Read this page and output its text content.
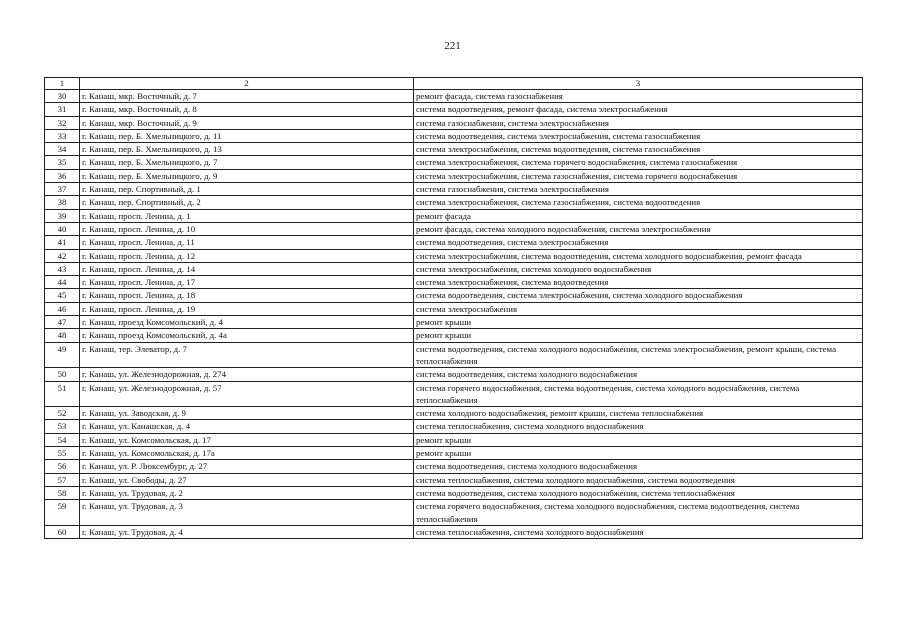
221
1	2	3
30	г. Канаш, мкр. Восточный, д. 7	ремонт фасада, система газоснабжения
31	г. Канаш, мкр. Восточный, д. 8	система водоотведения, ремонт фасада, система электроснабжения
32	г. Канаш, мкр. Восточный, д. 9	система газоснабжения, система электроснабжения
33	г. Канаш, пер. Б. Хмельницкого, д. 11	система водоотведения, система электроснабжения, система газоснабжения
34	г. Канаш, пер. Б. Хмельницкого, д. 13	система электроснабжения, система водоотведения, система газоснабжения
35	г. Канаш, пер. Б. Хмельницкого, д. 7	система электроснабжения, система горячего водоснабжения, система газоснабжения
36	г. Канаш, пер. Б. Хмельницкого, д. 9	система электроснабжения, система газоснабжения, система горячего водоснабжения
37	г. Канаш, пер. Спортивный, д. 1	система газоснабжения, система электроснабжения
38	г. Канаш, пер. Спортивный, д. 2	система электроснабжения, система газоснабжения, система водоотведения
39	г. Канаш, просп. Ленина, д. 1	ремонт фасада
40	г. Канаш, просп. Ленина, д. 10	ремонт фасада, система холодного водоснабжения, система электроснабжения
41	г. Канаш, просп. Ленина, д. 11	система водоотведения, система электроснабжения
42	г. Канаш, просп. Ленина, д. 12	система электроснабжения, система водоотведения, система холодного водоснабжения, ремонт фасада
43	г. Канаш, просп. Ленина, д. 14	система электроснабжения, система холодного водоснабжения
44	г. Канаш, просп. Ленина, д. 17	система электроснабжения, система водоотведения
45	г. Канаш, просп. Ленина, д. 18	система водоотведения, система электроснабжения, система холодного водоснабжения
46	г. Канаш, просп. Ленина, д. 19	система электроснабжения
47	г. Канаш, проезд Комсомольский, д. 4	ремонт крыши
48	г. Канаш, проезд Комсомольский, д. 4а	ремонт крыши
49	г. Канаш, тер. Элеватор, д. 7	система водоотведения, система холодного водоснабжения, система электроснабжения, ремонт крыши, система теплоснабжения
50	г. Канаш, ул. Железнодорожная, д. 274	система водоотведения, система холодного водоснабжения
51	г. Канаш, ул. Железнодорожная, д. 57	система горячего водоснабжения, система водоотведения, система холодного водоснабжения, система теплоснабжения
52	г. Канаш, ул. Заводская, д. 9	система холодного водоснабжения, ремонт крыши, система теплоснабжения
53	г. Канаш, ул. Канашская, д. 4	система теплоснабжения, система холодного водоснабжения
54	г. Канаш, ул. Комсомольская, д. 17	ремонт крыши
55	г. Канаш, ул. Комсомольская, д. 17а	ремонт крыши
56	г. Канаш, ул. Р. Люксембург, д. 27	система водоотведения, система холодного водоснабжения
57	г. Канаш, ул. Свободы, д. 27	система теплоснабжения, система холодного водоснабжения, система водоотведения
58	г. Канаш, ул. Трудовая, д. 2	система водоотведения, система холодного водоснабжения, система теплоснабжения
59	г. Канаш, ул. Трудовая, д. 3	система горячего водоснабжения, система холодного водоснабжения, система водоотведения, система теплоснабжения
60	г. Канаш, ул. Трудовая, д. 4	система теплоснабжения, система холодного водоснабжения
